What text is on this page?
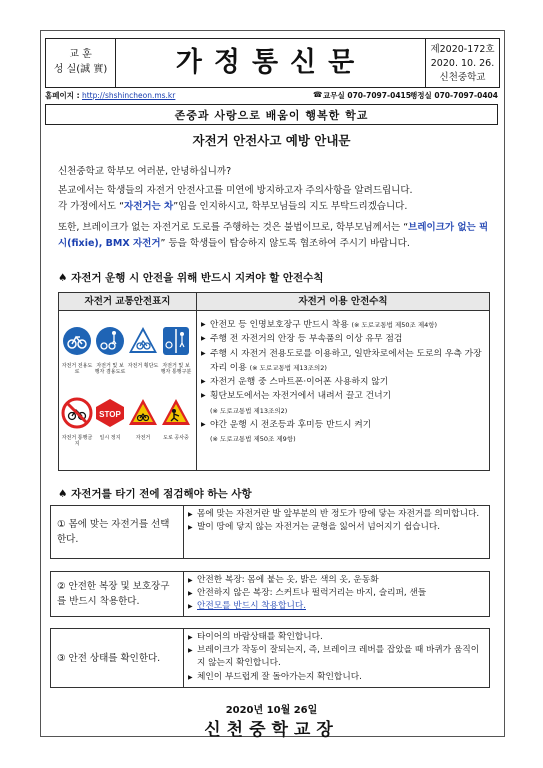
교 훈
성 실(誠 實)	가정통신문	제2020-172호
2020. 10. 26.
신천중학교
홈페이지 : http://shshincheon.ms.kr	☎ 교무실 070-7097-0415 행정실 070-7097-0404
존중과 사랑으로 배움이 행복한 학교
자전거 안전사고 예방 안내문
신천중학교 학부모 여러분, 안녕하십니까?
본교에서는 학생들의 자전거 안전사고를 미연에 방지하고자 주의사항을 알려드립니다.
각 가정에서도 “자전거는 차”임을 인지하시고, 학부모님들의 지도 부탁드리겠습니다.
또한, 브레이크가 없는 자전거로 도로를 주행하는 것은 불법이므로, 학부모님께서는 “브레이크가 없는 픽시(fixie), BMX 자전거” 등을 학생들이 탑승하지 않도록 협조하여 주시기 바랍니다.
♠ 자전거 운행 시 안전을 위해 반드시 지켜야 할 안전수칙
자전거 교통안전표지	자전거 이용 안전수칙
자전거 전용도로
자전거 및 보행자 겸용도로
자전거 횡단도 자전거 및 보행자 통행구분
자전거 통행금지
STOP
일시 정지	자전거	도로 공사중
▶ 안전모 등 인명보호장구 반드시 착용 (※ 도로교통법 제50조 제4항)
▶ 주행 전 자전거의 안장 등 부속품의 이상 유무 점검
▶ 주행 시 자전거 전용도로를 이용하고, 일반차로에서는 도로의 우측 가장자리 이용 (※ 도로교통법 제13조의2)
▶ 자전거 운행 중 스마트폰·이어폰 사용하지 않기
▶ 횡단보도에서는 자전거에서 내려서 끌고 건너기
(※ 도로교통법 제13조의2)
▶ 야간 운행 시 전조등과 후미등 반드시 켜기
(※ 도로교통법 제50조 제9항)
♠ 자전거를 타기 전에 점검해야 하는 사항
① 몸에 맞는 자전거를 선택한다.
▶ 몸에 맞는 자전거란 발 앞부분의 반 정도가 땅에 닿는 자전거를 의미합니다.
▶ 발이 땅에 닿지 않는 자전거는 균형을 잃어서 넘어지기 쉽습니다.
② 안전한 복장 및 보호장구를 반드시 착용한다.
▶ 안전한 복장: 몸에 붙는 옷, 밝은 색의 옷, 운동화
▶ 안전하지 않은 복장: 스커트나 펄럭거리는 바지, 슬리퍼, 샌들
▶ 안전모를 반드시 착용합니다.
③ 안전 상태를 확인한다.
▶ 타이어의 바람상태를 확인합니다.
▶ 브레이크가 작동이 잘되는지, 즉, 브레이크 레버를 잡았을 때 바퀴가 움직이지 않는지 확인합니다.
▶ 체인이 부드럽게 잘 돌아가는지 확인합니다.
2020년 10월 26일
신천중학교장
